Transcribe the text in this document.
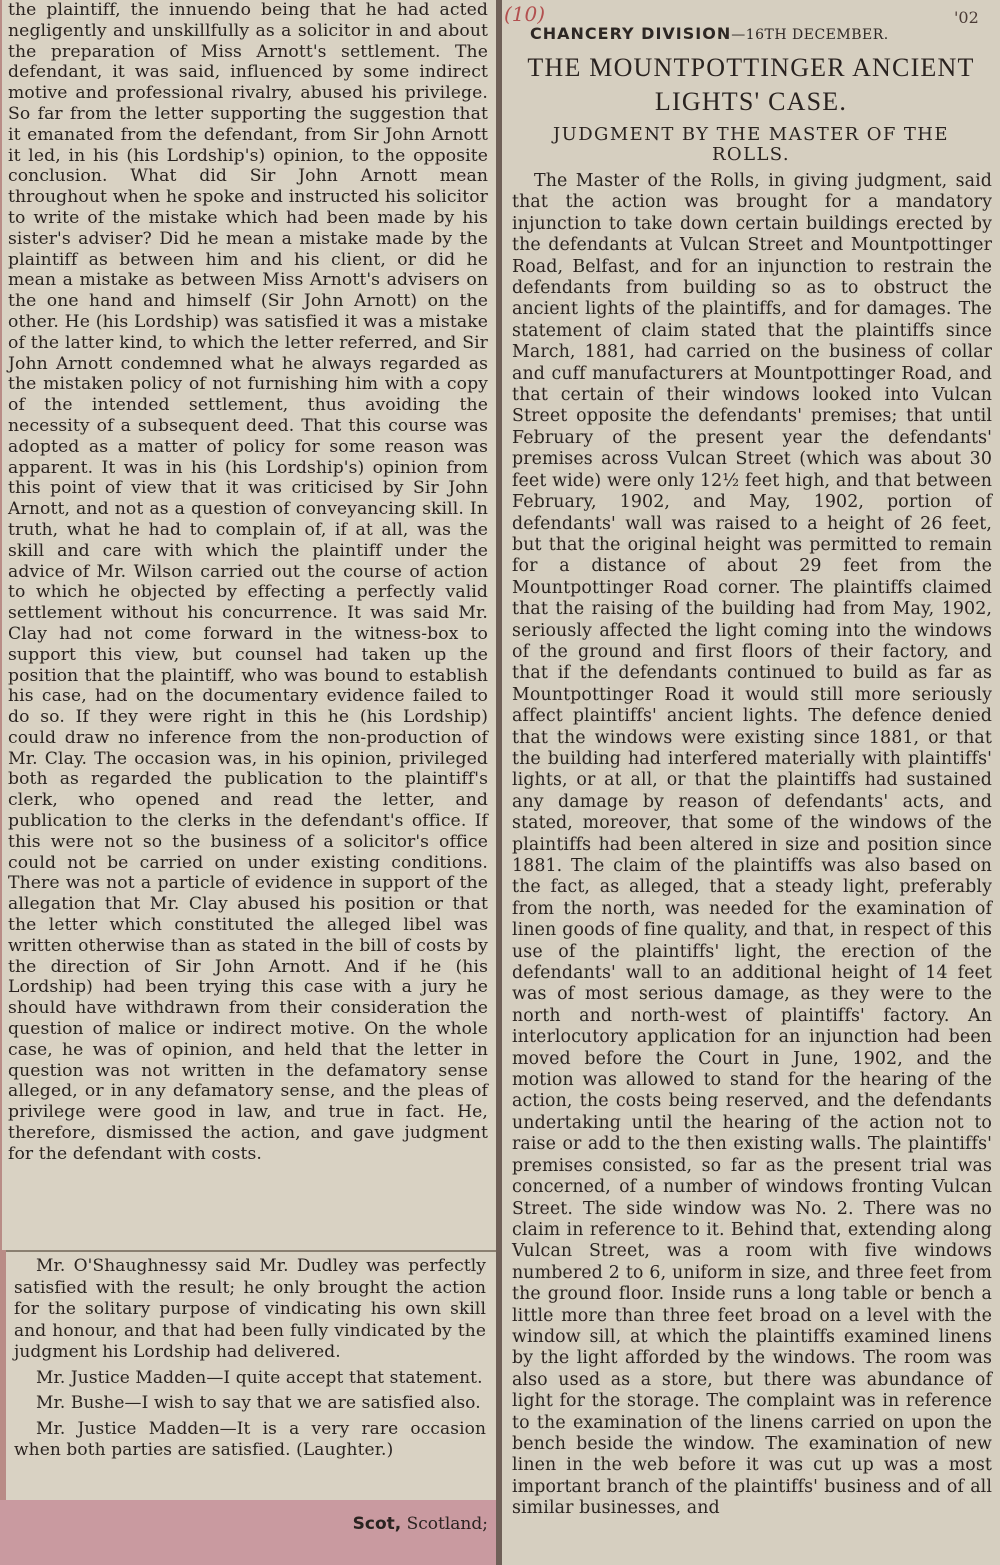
the plaintiff, the innuendo being that he had acted negligently and unskillfully as a solicitor in and about the preparation of Miss Arnott's settlement. The defendant, it was said, influenced by some indirect motive and professional rivalry, abused his privilege. So far from the letter supporting the suggestion that it emanated from the defendant, from Sir John Arnott it led, in his (his Lordship's) opinion, to the opposite conclusion. What did Sir John Arnott mean throughout when he spoke and instructed his solicitor to write of the mistake which had been made by his sister's adviser? Did he mean a mistake made by the plaintiff as between him and his client, or did he mean a mistake as between Miss Arnott's advisers on the one hand and himself (Sir John Arnott) on the other. He (his Lordship) was satisfied it was a mistake of the latter kind, to which the letter referred, and Sir John Arnott condemned what he always regarded as the mistaken policy of not furnishing him with a copy of the intended settlement, thus avoiding the necessity of a subsequent deed. That this course was adopted as a matter of policy for some reason was apparent. It was in his (his Lordship's) opinion from this point of view that it was criticised by Sir John Arnott, and not as a question of conveyancing skill. In truth, what he had to complain of, if at all, was the skill and care with which the plaintiff under the advice of Mr. Wilson carried out the course of action to which he objected by effecting a perfectly valid settlement without his concurrence. It was said Mr. Clay had not come forward in the witness-box to support this view, but counsel had taken up the position that the plaintiff, who was bound to establish his case, had on the documentary evidence failed to do so. If they were right in this he (his Lordship) could draw no inference from the non-production of Mr. Clay. The occasion was, in his opinion, privileged both as regarded the publication to the plaintiff's clerk, who opened and read the letter, and publication to the clerks in the defendant's office. If this were not so the business of a solicitor's office could not be carried on under existing conditions. There was not a particle of evidence in support of the allegation that Mr. Clay abused his position or that the letter which constituted the alleged libel was written otherwise than as stated in the bill of costs by the direction of Sir John Arnott. And if he (his Lordship) had been trying this case with a jury he should have withdrawn from their consideration the question of malice or indirect motive. On the whole case, he was of opinion, and held that the letter in question was not written in the defamatory sense alleged, or in any defamatory sense, and the pleas of privilege were good in law, and true in fact. He, therefore, dismissed the action, and gave judgment for the defendant with costs.

Mr. O'Shaughnessy said Mr. Dudley was perfectly satisfied with the result; he only brought the action for the solitary purpose of vindicating his own skill and honour, and that had been fully vindicated by the judgment his Lordship had delivered.

Mr. Justice Madden—I quite accept that statement.

Mr. Bushe—I wish to say that we are satisfied also.

Mr. Justice Madden—It is a very rare occasion when both parties are satisfied. (Laughter.)

Scot, Scotland;
(10)	'02
CHANCERY DIVISION—16TH DECEMBER.
THE MOUNTPOTTINGER ANCIENT LIGHTS' CASE.
JUDGMENT BY THE MASTER OF THE ROLLS.

The Master of the Rolls, in giving judgment, said that the action was brought for a mandatory injunction to take down certain buildings erected by the defendants at Vulcan Street and Mountpottinger Road, Belfast, and for an injunction to restrain the defendants from building so as to obstruct the ancient lights of the plaintiffs, and for damages. The statement of claim stated that the plaintiffs since March, 1881, had carried on the business of collar and cuff manufacturers at Mountpottinger Road, and that certain of their windows looked into Vulcan Street opposite the defendants' premises; that until February of the present year the defendants' premises across Vulcan Street (which was about 30 feet wide) were only 12½ feet high, and that between February, 1902, and May, 1902, portion of defendants' wall was raised to a height of 26 feet, but that the original height was permitted to remain for a distance of about 29 feet from the Mountpottinger Road corner. The plaintiffs claimed that the raising of the building had from May, 1902, seriously affected the light coming into the windows of the ground and first floors of their factory, and that if the defendants continued to build as far as Mountpottinger Road it would still more seriously affect plaintiffs' ancient lights. The defence denied that the windows were existing since 1881, or that the building had interfered materially with plaintiffs' lights, or at all, or that the plaintiffs had sustained any damage by reason of defendants' acts, and stated, moreover, that some of the windows of the plaintiffs had been altered in size and position since 1881. The claim of the plaintiffs was also based on the fact, as alleged, that a steady light, preferably from the north, was needed for the examination of linen goods of fine quality, and that, in respect of this use of the plaintiffs' light, the erection of the defendants' wall to an additional height of 14 feet was of most serious damage, as they were to the north and north-west of plaintiffs' factory. An interlocutory application for an injunction had been moved before the Court in June, 1902, and the motion was allowed to stand for the hearing of the action, the costs being reserved, and the defendants undertaking until the hearing of the action not to raise or add to the then existing walls. The plaintiffs' premises consisted, so far as the present trial was concerned, of a number of windows fronting Vulcan Street. The side window was No. 2. There was no claim in reference to it. Behind that, extending along Vulcan Street, was a room with five windows numbered 2 to 6, uniform in size, and three feet from the ground floor. Inside runs a long table or bench a little more than three feet broad on a level with the window sill, at which the plaintiffs examined linens by the light afforded by the windows. The room was also used as a store, but there was abundance of light for the storage. The complaint was in reference to the examination of the linens carried on upon the bench beside the window. The examination of new linen in the web before it was cut up was a most important branch of the plaintiffs' business and of all similar businesses, and
